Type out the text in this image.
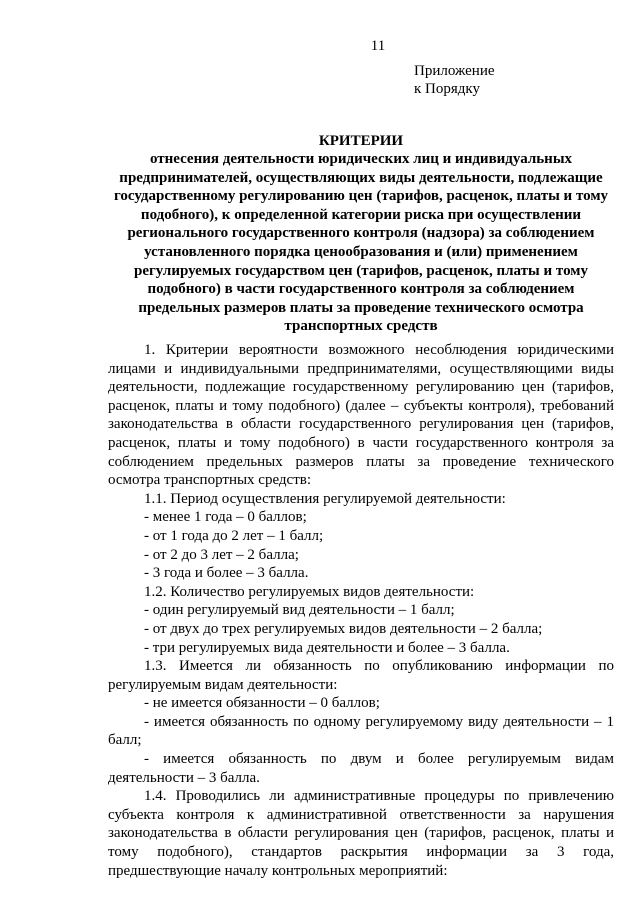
11
Приложение
к Порядку
КРИТЕРИИ
отнесения деятельности юридических лиц и индивидуальных предпринимателей, осуществляющих виды деятельности, подлежащие государственному регулированию цен (тарифов, расценок, платы и тому подобного), к определенной категории риска при осуществлении регионального государственного контроля (надзора) за соблюдением установленного порядка ценообразования и (или) применением регулируемых государством цен (тарифов, расценок, платы и тому подобного) в части государственного контроля за соблюдением предельных размеров платы за проведение технического осмотра транспортных средств

1. Критерии вероятности возможного несоблюдения юридическими лицами и индивидуальными предпринимателями, осуществляющими виды деятельности, подлежащие государственному регулированию цен (тарифов, расценок, платы и тому подобного) (далее – субъекты контроля), требований законодательства в области государственного регулирования цен (тарифов, расценок, платы и тому подобного) в части государственного контроля за соблюдением предельных размеров платы за проведение технического осмотра транспортных средств:

1.1. Период осуществления регулируемой деятельности:

- менее 1 года – 0 баллов;

- от 1 года до 2 лет – 1 балл;

- от 2 до 3 лет – 2 балла;

- 3 года и более – 3 балла.

1.2. Количество регулируемых видов деятельности:

- один регулируемый вид деятельности – 1 балл;

- от двух до трех регулируемых видов деятельности – 2 балла;

- три регулируемых вида деятельности и более – 3 балла.

1.3. Имеется ли обязанность по опубликованию информации по регулируемым видам деятельности:

- не имеется обязанности – 0 баллов;

- имеется обязанность по одному регулируемому виду деятельности – 1 балл;

- имеется обязанность по двум и более регулируемым видам деятельности – 3 балла.

1.4. Проводились ли административные процедуры по привлечению субъекта контроля к административной ответственности за нарушения законодательства в области регулирования цен (тарифов, расценок, платы и тому подобного), стандартов раскрытия информации за 3 года, предшествующие началу контрольных мероприятий:
